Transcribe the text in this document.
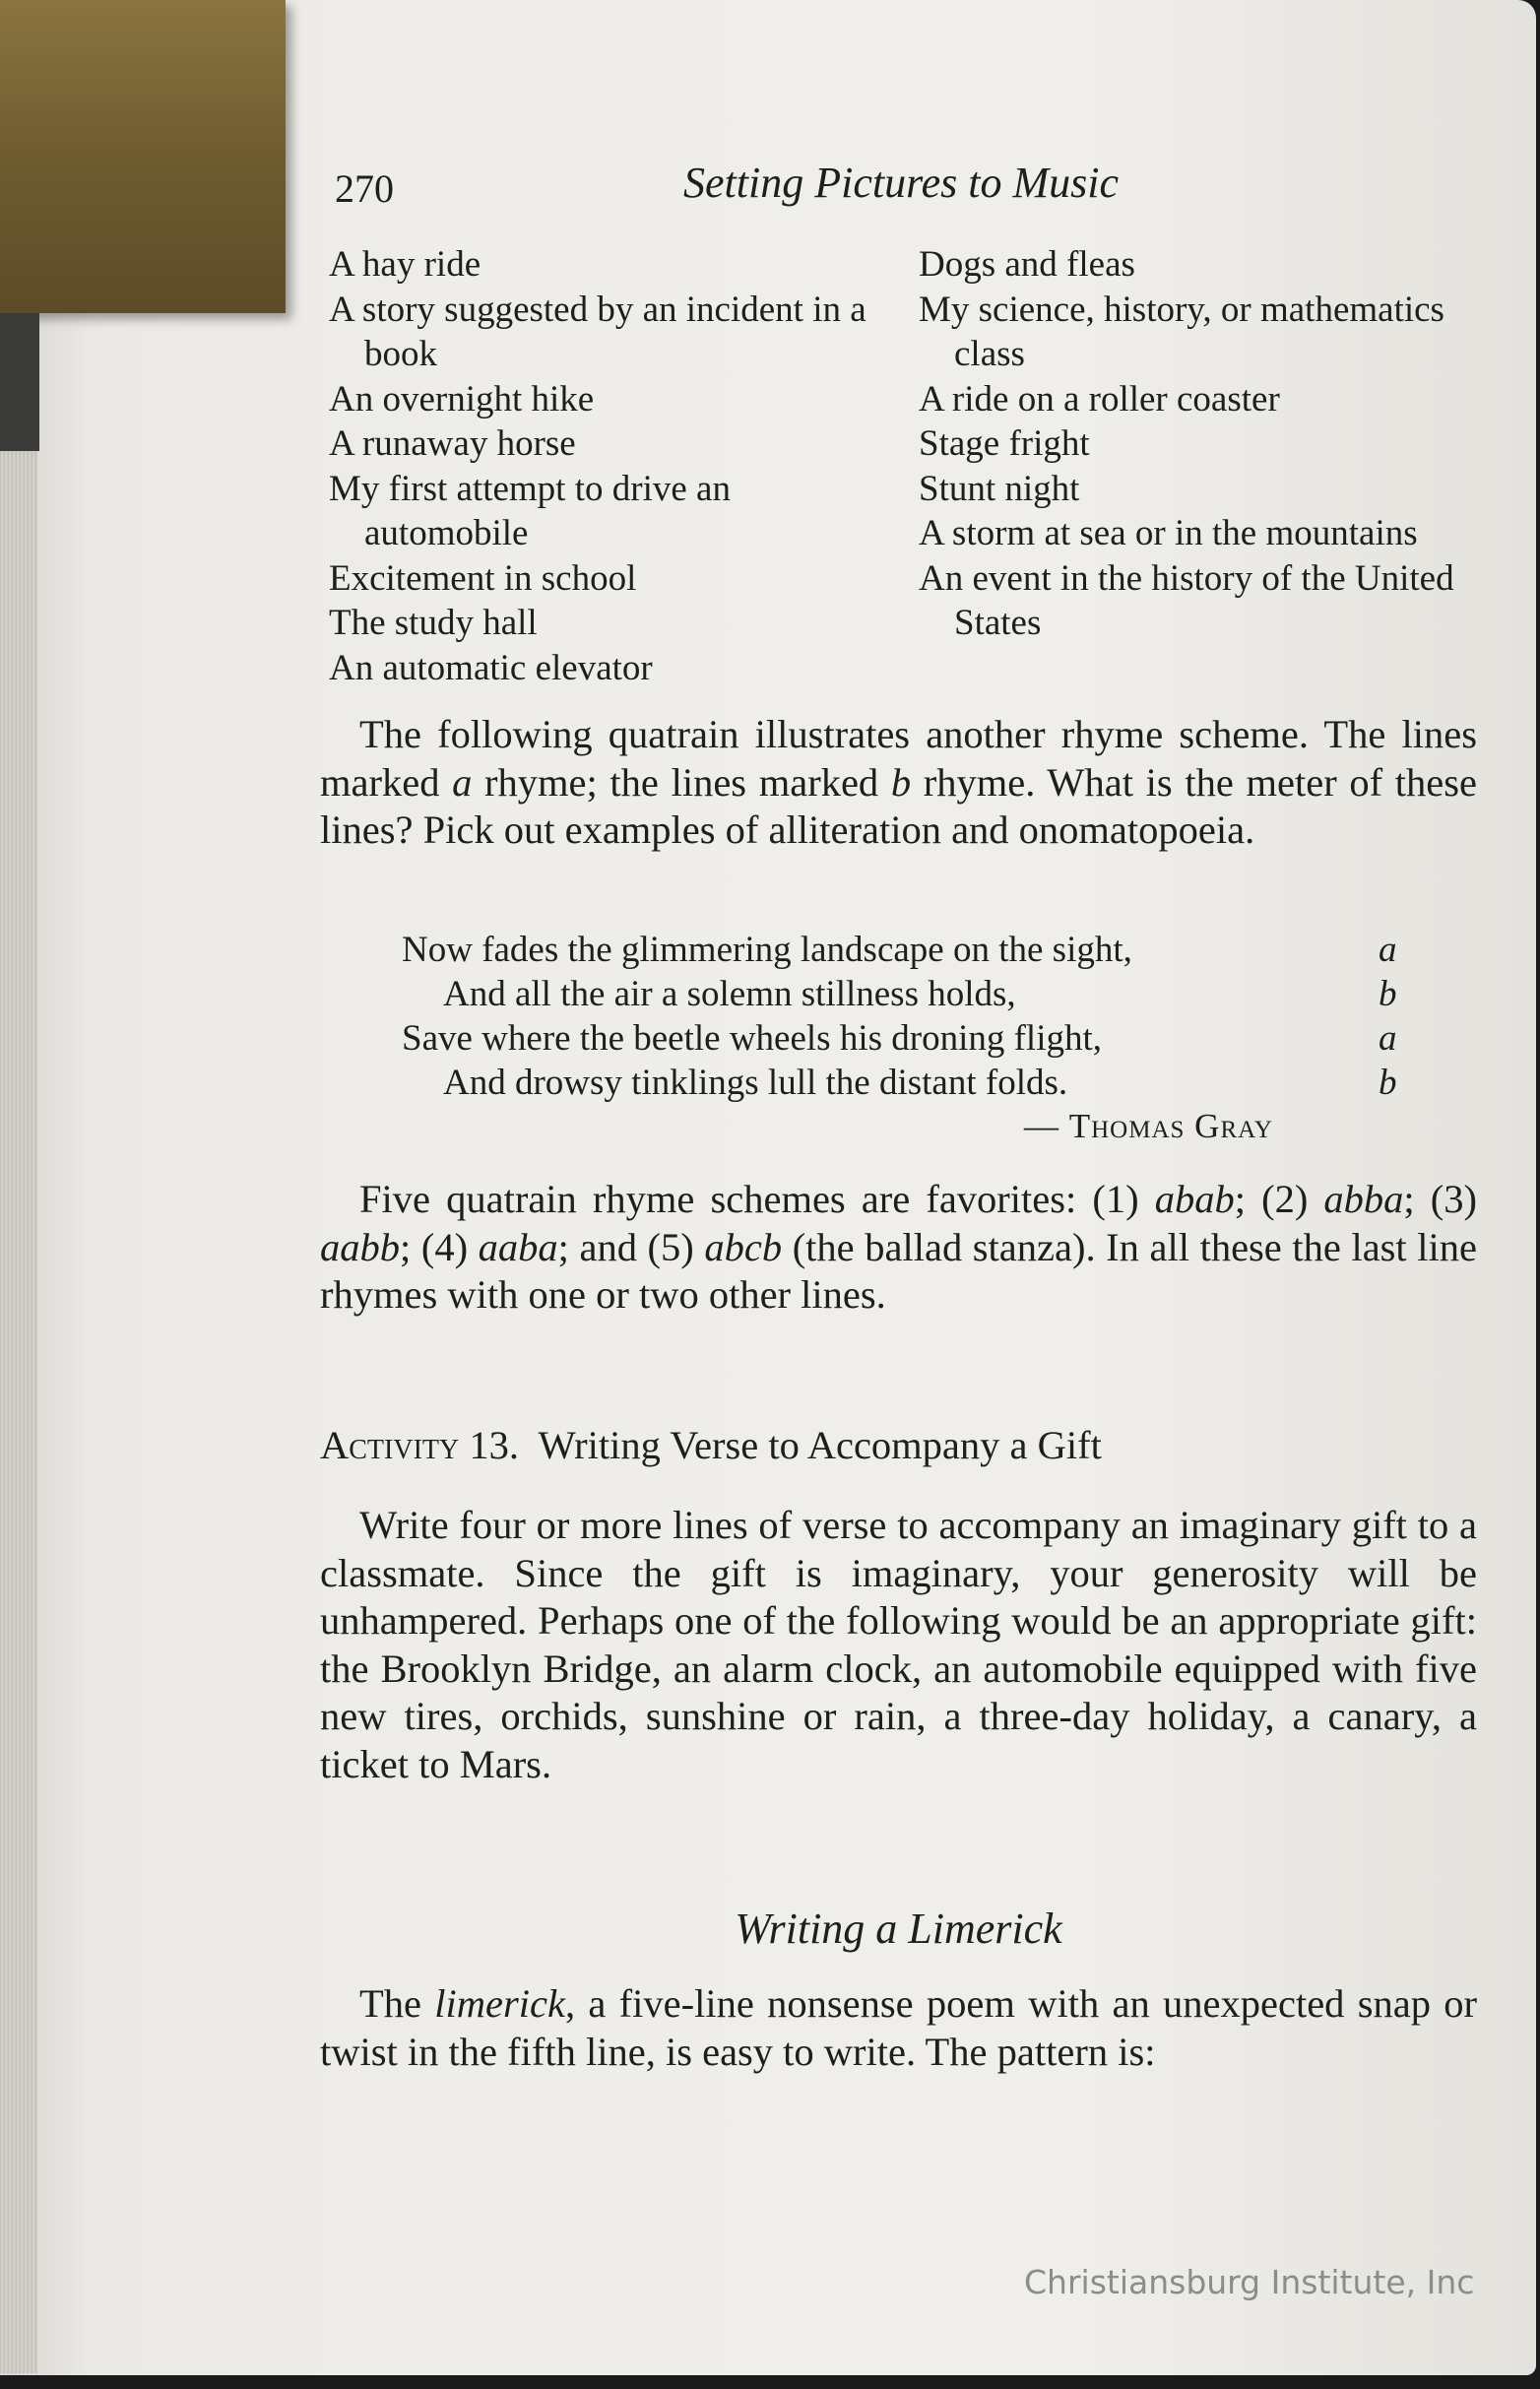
270	Setting Pictures to Music
A hay ride
A story suggested by an incident in a book
An overnight hike
A runaway horse
My first attempt to drive an automobile
Excitement in school
The study hall
An automatic elevator
Dogs and fleas
My science, history, or mathematics class
A ride on a roller coaster
Stage fright
Stunt night
A storm at sea or in the mountains
An event in the history of the United States
The following quatrain illustrates another rhyme scheme. The lines marked a rhyme; the lines marked b rhyme. What is the meter of these lines? Pick out examples of alliteration and onomatopoeia.
Now fades the glimmering landscape on the sight,	a
And all the air a solemn stillness holds,	b
Save where the beetle wheels his droning flight,	a
And drowsy tinklings lull the distant folds.	b
— Thomas Gray
Five quatrain rhyme schemes are favorites: (1) abab; (2) abba; (3) aabb; (4) aaba; and (5) abcb (the ballad stanza). In all these the last line rhymes with one or two other lines.
Activity 13. Writing Verse to Accompany a Gift
Write four or more lines of verse to accompany an imaginary gift to a classmate. Since the gift is imaginary, your generosity will be unhampered. Perhaps one of the following would be an appropriate gift: the Brooklyn Bridge, an alarm clock, an automobile equipped with five new tires, orchids, sunshine or rain, a three-day holiday, a canary, a ticket to Mars.
Writing a Limerick
The limerick, a five-line nonsense poem with an unexpected snap or twist in the fifth line, is easy to write. The pattern is:
Christiansburg Institute, Inc
